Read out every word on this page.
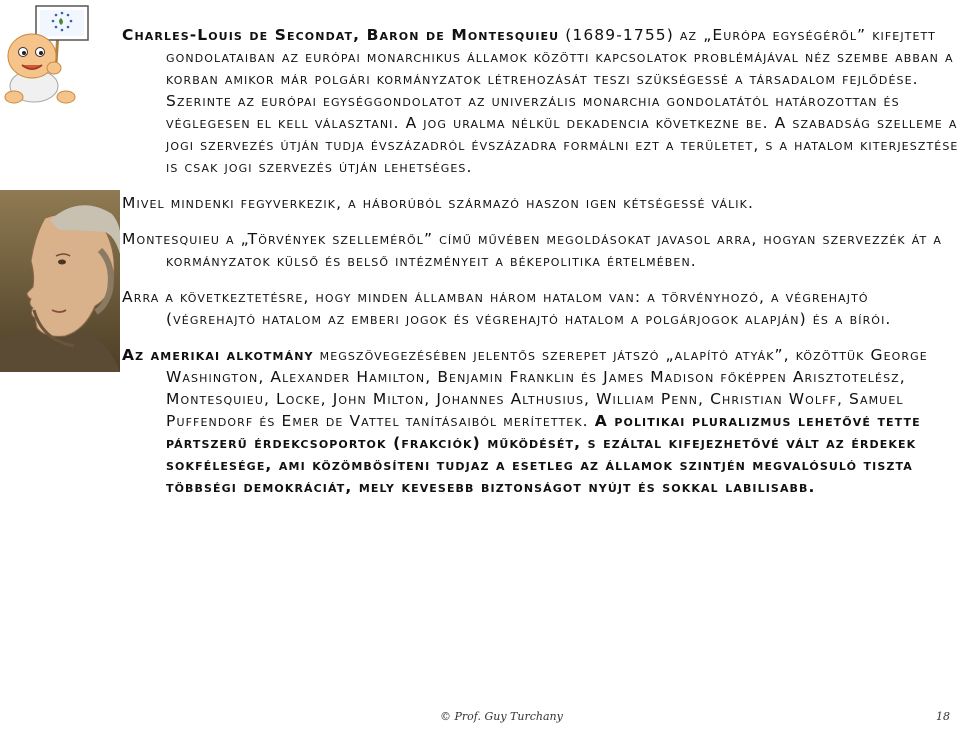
Charles-Louis de Secondat, Baron de Montesquieu (1689-1755) az „Európa egységéről” kifejtett gondolataiban az európai monarchikus államok közötti kapcsolatok problémájával néz szembe abban a korban amikor már polgári kormányzatok létrehozását teszi szükségessé a társadalom fejlődése. Szerinte az európai egységgondolatot az univerzális monarchia gondolatától határozottan és véglegesen el kell választani. A jog uralma nélkül dekadencia következne be. A szabadság szelleme a jogi szervezés útján tudja évszázadról évszázadra formálni ezt a területet, s a hatalom kiterjesztése is csak jogi szervezés útján lehetséges.

Mivel mindenki fegyverkezik, a háborúból származó haszon igen kétségessé válik.

Montesquieu a „Törvények szelleméről” című művében megoldásokat javasol arra, hogyan szervezzék át a kormányzatok külső és belső intézményeit a békepolitika értelmében.

Arra a következtetésre, hogy minden államban három hatalom van: a törvényhozó, a végrehajtó (végrehajtó hatalom az emberi jogok és végrehajtó hatalom a polgárjogok alapján) és a bírói.

Az amerikai alkotmány megszövegezésében jelentős szerepet játszó „alapító atyák”, közöttük George Washington, Alexander Hamilton, Benjamin Franklin és James Madison főképpen Arisztotelész, Montesquieu, Locke, John Milton, Johannes Althusius, William Penn, Christian Wolff, Samuel Puffendorf és Emer de Vattel tanításaiból merítettek. A politikai pluralizmus lehetővé tette pártszerű érdekcsoportok (frakciók) működését, s ezáltal kifejezhetővé vált az érdekek sokfélesége, ami közömbösíteni tudjaz a esetleg az államok szintjén megvalósuló tiszta többségi demokráciát, mely kevesebb biztonságot nyújt és sokkal labilisabb.

© Prof. Guy Turchany	18
